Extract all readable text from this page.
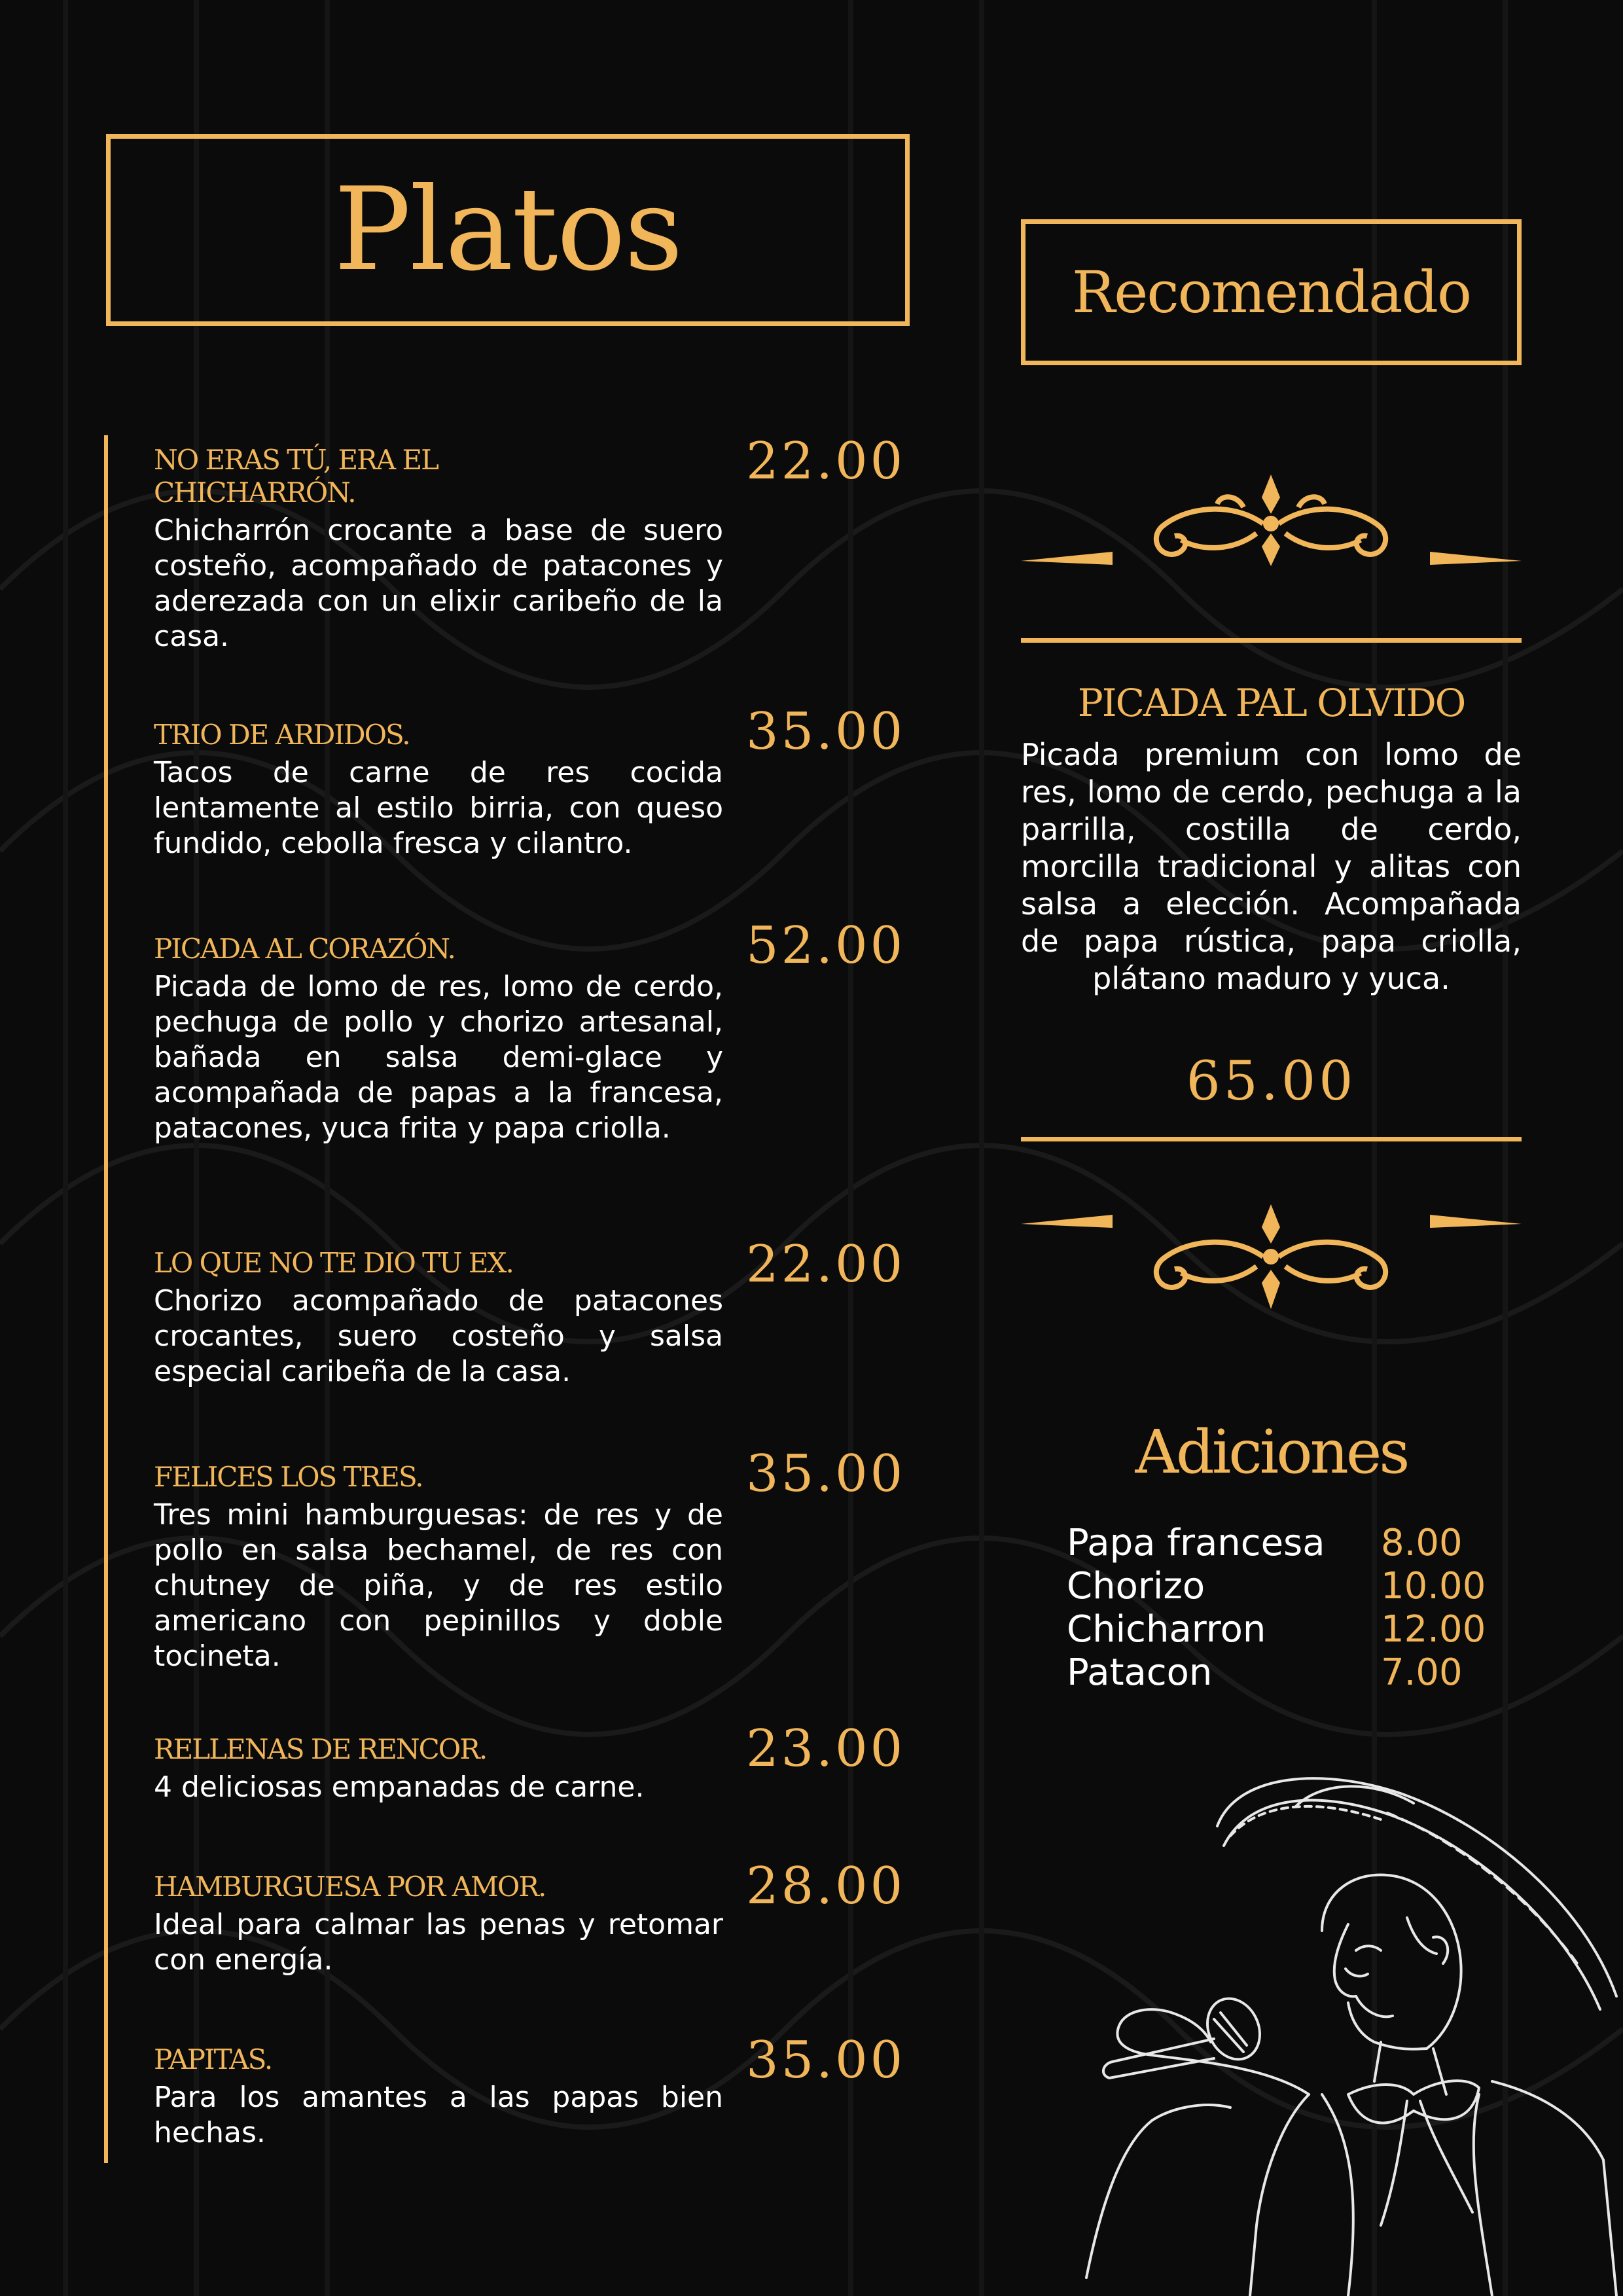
Platos
NO ERAS TÚ, ERA EL CHICHARRÓN.
Chicharrón crocante a base de suero costeño, acompañado de patacones y aderezada con un elixir caribeño de la casa.
22.00
TRIO DE ARDIDOS.
Tacos de carne de res cocida lentamente al estilo birria, con queso fundido, cebolla fresca y cilantro.
35.00
PICADA AL CORAZÓN.
Picada de lomo de res, lomo de cerdo, pechuga de pollo y chorizo artesanal, bañada en salsa demi-glace y acompañada de papas a la francesa, patacones, yuca frita y papa criolla.
52.00
LO QUE NO TE DIO TU EX.
Chorizo acompañado de patacones crocantes, suero costeño y salsa especial caribeña de la casa.
22.00
FELICES LOS TRES.
Tres mini hamburguesas: de res y de pollo en salsa bechamel, de res con chutney de piña, y de res estilo americano con pepinillos y doble tocineta.
35.00
RELLENAS DE RENCOR.
4 deliciosas empanadas de carne.
23.00
HAMBURGUESA POR AMOR.
Ideal para calmar las penas y retomar con energía.
28.00
PAPITAS.
Para los amantes a las papas bien hechas.
35.00
Recomendado
PICADA PAL OLVIDO
Picada premium con lomo de res, lomo de cerdo, pechuga a la parrilla, costilla de cerdo, morcilla tradicional y alitas con salsa a elección. Acompañada de papa rústica, papa criolla, plátano maduro y yuca.
65.00
Adiciones
Papa francesa 8.00
Chorizo	10.00
Chicharron	12.00
Patacon	7.00
